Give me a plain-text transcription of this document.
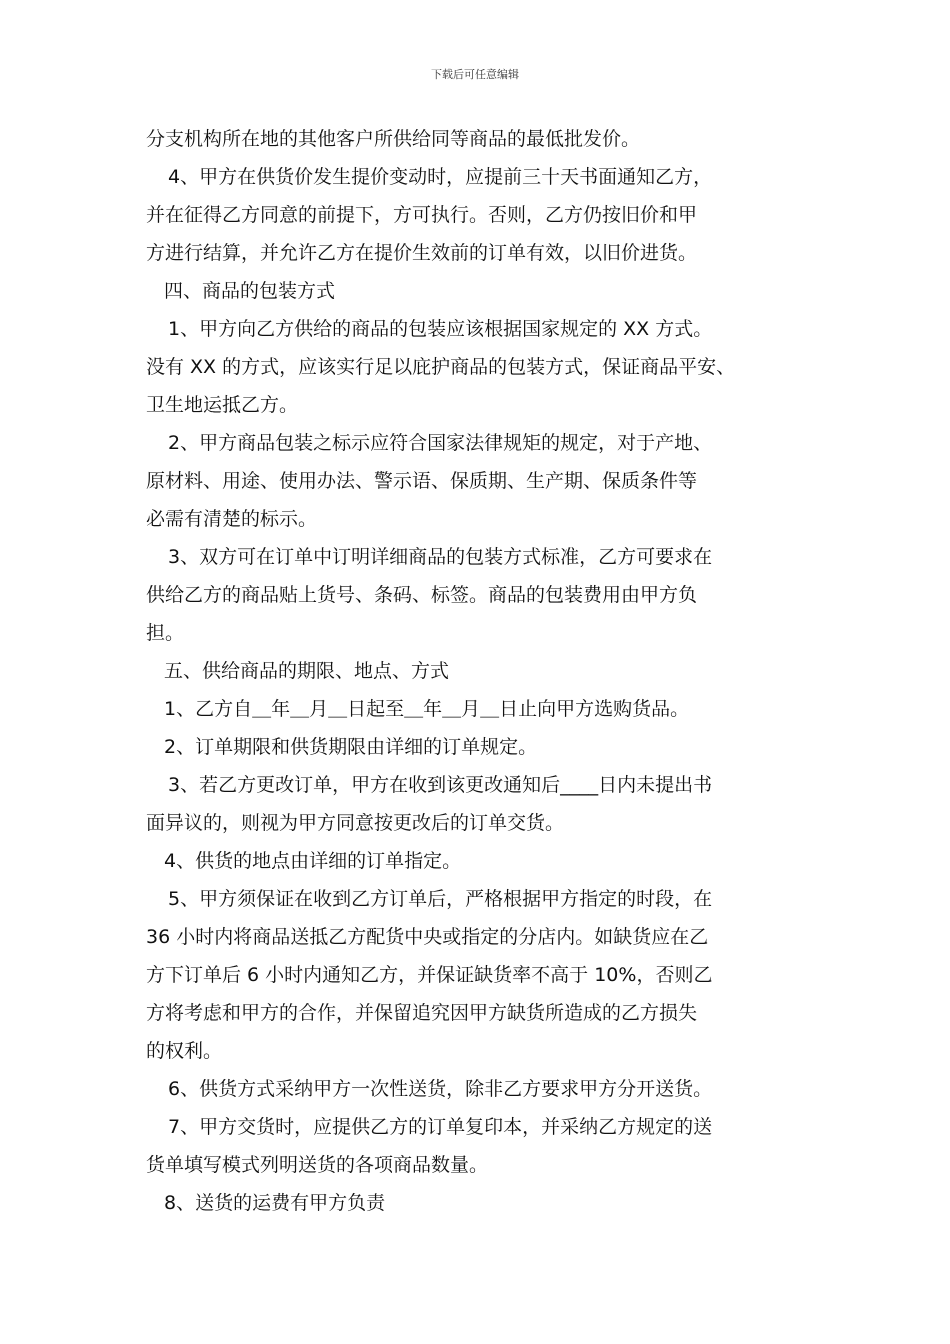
下载后可任意编辑
分支机构所在地的其他客户所供给同等商品的最低批发价。
4、甲方在供货价发生提价变动时，应提前三十天书面通知乙方，
并在征得乙方同意的前提下，方可执行。否则，乙方仍按旧价和甲
方进行结算，并允许乙方在提价生效前的订单有效，以旧价进货。
四、商品的包装方式
1、甲方向乙方供给的商品的包装应该根据国家规定的 XX 方式。
没有 XX 的方式，应该实行足以庇护商品的包装方式，保证商品平安、
卫生地运抵乙方。
2、甲方商品包装之标示应符合国家法律规矩的规定，对于产地、
原材料、用途、使用办法、警示语、保质期、生产期、保质条件等
必需有清楚的标示。
3、双方可在订单中订明详细商品的包装方式标准，乙方可要求在
供给乙方的商品贴上货号、条码、标签。商品的包装费用由甲方负
担。
五、供给商品的期限、地点、方式
1、乙方自＿年＿月＿日起至＿年＿月＿日止向甲方选购货品。
2、订单期限和供货期限由详细的订单规定。
3、若乙方更改订单，甲方在收到该更改通知后____日内未提出书
面异议的，则视为甲方同意按更改后的订单交货。
4、供货的地点由详细的订单指定。
5、甲方须保证在收到乙方订单后，严格根据甲方指定的时段，在
36 小时内将商品送抵乙方配货中央或指定的分店内。如缺货应在乙
方下订单后 6 小时内通知乙方，并保证缺货率不高于 10%，否则乙
方将考虑和甲方的合作，并保留追究因甲方缺货所造成的乙方损失
的权利。
6、供货方式采纳甲方一次性送货，除非乙方要求甲方分开送货。
7、甲方交货时，应提供乙方的订单复印本，并采纳乙方规定的送
货单填写模式列明送货的各项商品数量。
8、送货的运费有甲方负责
